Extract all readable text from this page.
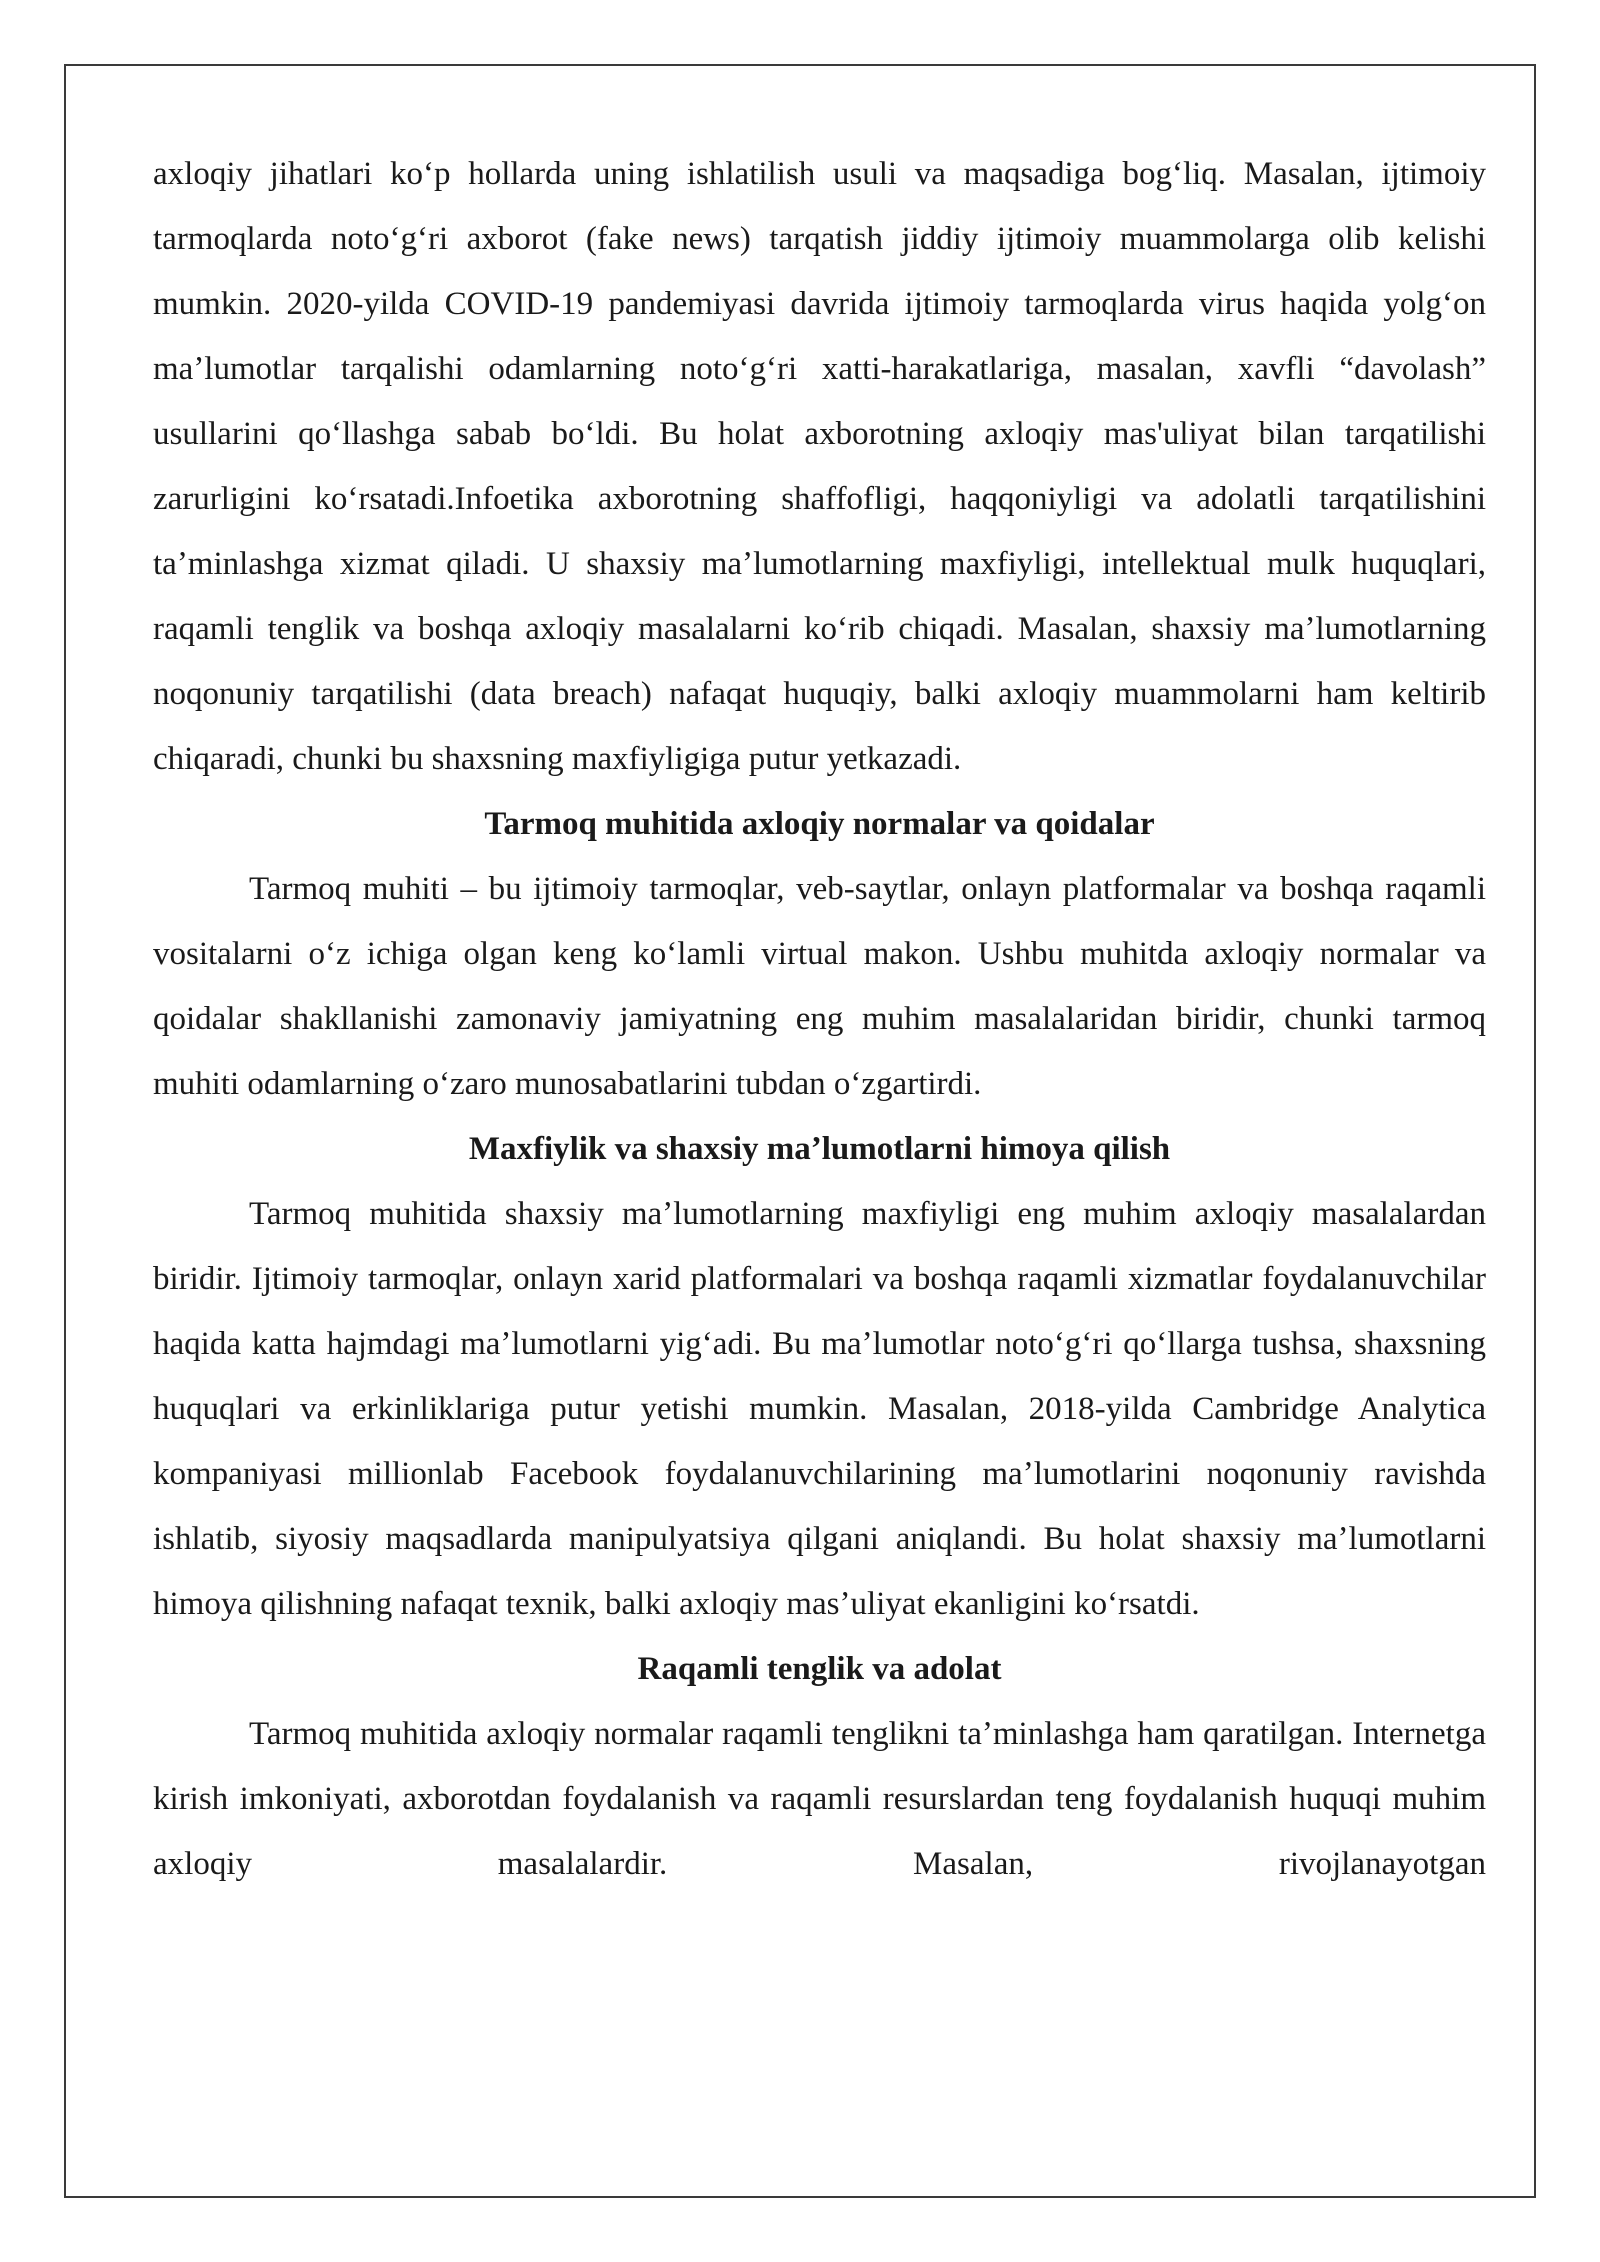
axloqiy jihatlari koʻp hollarda uning ishlatilish usuli va maqsadiga bogʻliq. Masalan, ijtimoiy tarmoqlarda notoʻgʻri axborot (fake news) tarqatish jiddiy ijtimoiy muammolarga olib kelishi mumkin. 2020-yilda COVID-19 pandemiyasi davrida ijtimoiy tarmoqlarda virus haqida yolgʻon maʼlumotlar tarqalishi odamlarning notoʻgʻri xatti-harakatlariga, masalan, xavfli “davolash” usullarini qoʻllashga sabab boʻldi. Bu holat axborotning axloqiy mas'uliyat bilan tarqatilishi zarurligini koʻrsatadi.Infoetika axborotning shaffofligi, haqqoniyligi va adolatli tarqatilishini taʼminlashga xizmat qiladi. U shaxsiy maʼlumotlarning maxfiyligi, intellektual mulk huquqlari, raqamli tenglik va boshqa axloqiy masalalarni koʻrib chiqadi. Masalan, shaxsiy maʼlumotlarning noqonuniy tarqatilishi (data breach) nafaqat huquqiy, balki axloqiy muammolarni ham keltirib chiqaradi, chunki bu shaxsning maxfiyligiga putur yetkazadi.

Tarmoq muhitida axloqiy normalar va qoidalar

Tarmoq muhiti – bu ijtimoiy tarmoqlar, veb-saytlar, onlayn platformalar va boshqa raqamli vositalarni oʻz ichiga olgan keng koʻlamli virtual makon. Ushbu muhitda axloqiy normalar va qoidalar shakllanishi zamonaviy jamiyatning eng muhim masalalaridan biridir, chunki tarmoq muhiti odamlarning oʻzaro munosabatlarini tubdan oʻzgartirdi.

Maxfiylik va shaxsiy maʼlumotlarni himoya qilish

Tarmoq muhitida shaxsiy maʼlumotlarning maxfiyligi eng muhim axloqiy masalalardan biridir. Ijtimoiy tarmoqlar, onlayn xarid platformalari va boshqa raqamli xizmatlar foydalanuvchilar haqida katta hajmdagi maʼlumotlarni yigʻadi. Bu maʼlumotlar notoʻgʻri qoʻllarga tushsa, shaxsning huquqlari va erkinliklariga putur yetishi mumkin. Masalan, 2018-yilda Cambridge Analytica kompaniyasi millionlab Facebook foydalanuvchilarining maʼlumotlarini noqonuniy ravishda ishlatib, siyosiy maqsadlarda manipulyatsiya qilgani aniqlandi. Bu holat shaxsiy maʼlumotlarni himoya qilishning nafaqat texnik, balki axloqiy masʼuliyat ekanligini koʻrsatdi.

Raqamli tenglik va adolat

Tarmoq muhitida axloqiy normalar raqamli tenglikni taʼminlashga ham qaratilgan. Internetga kirish imkoniyati, axborotdan foydalanish va raqamli resurslardan teng foydalanish huquqi muhim axloqiy masalalardir. Masalan, rivojlanayotgan
